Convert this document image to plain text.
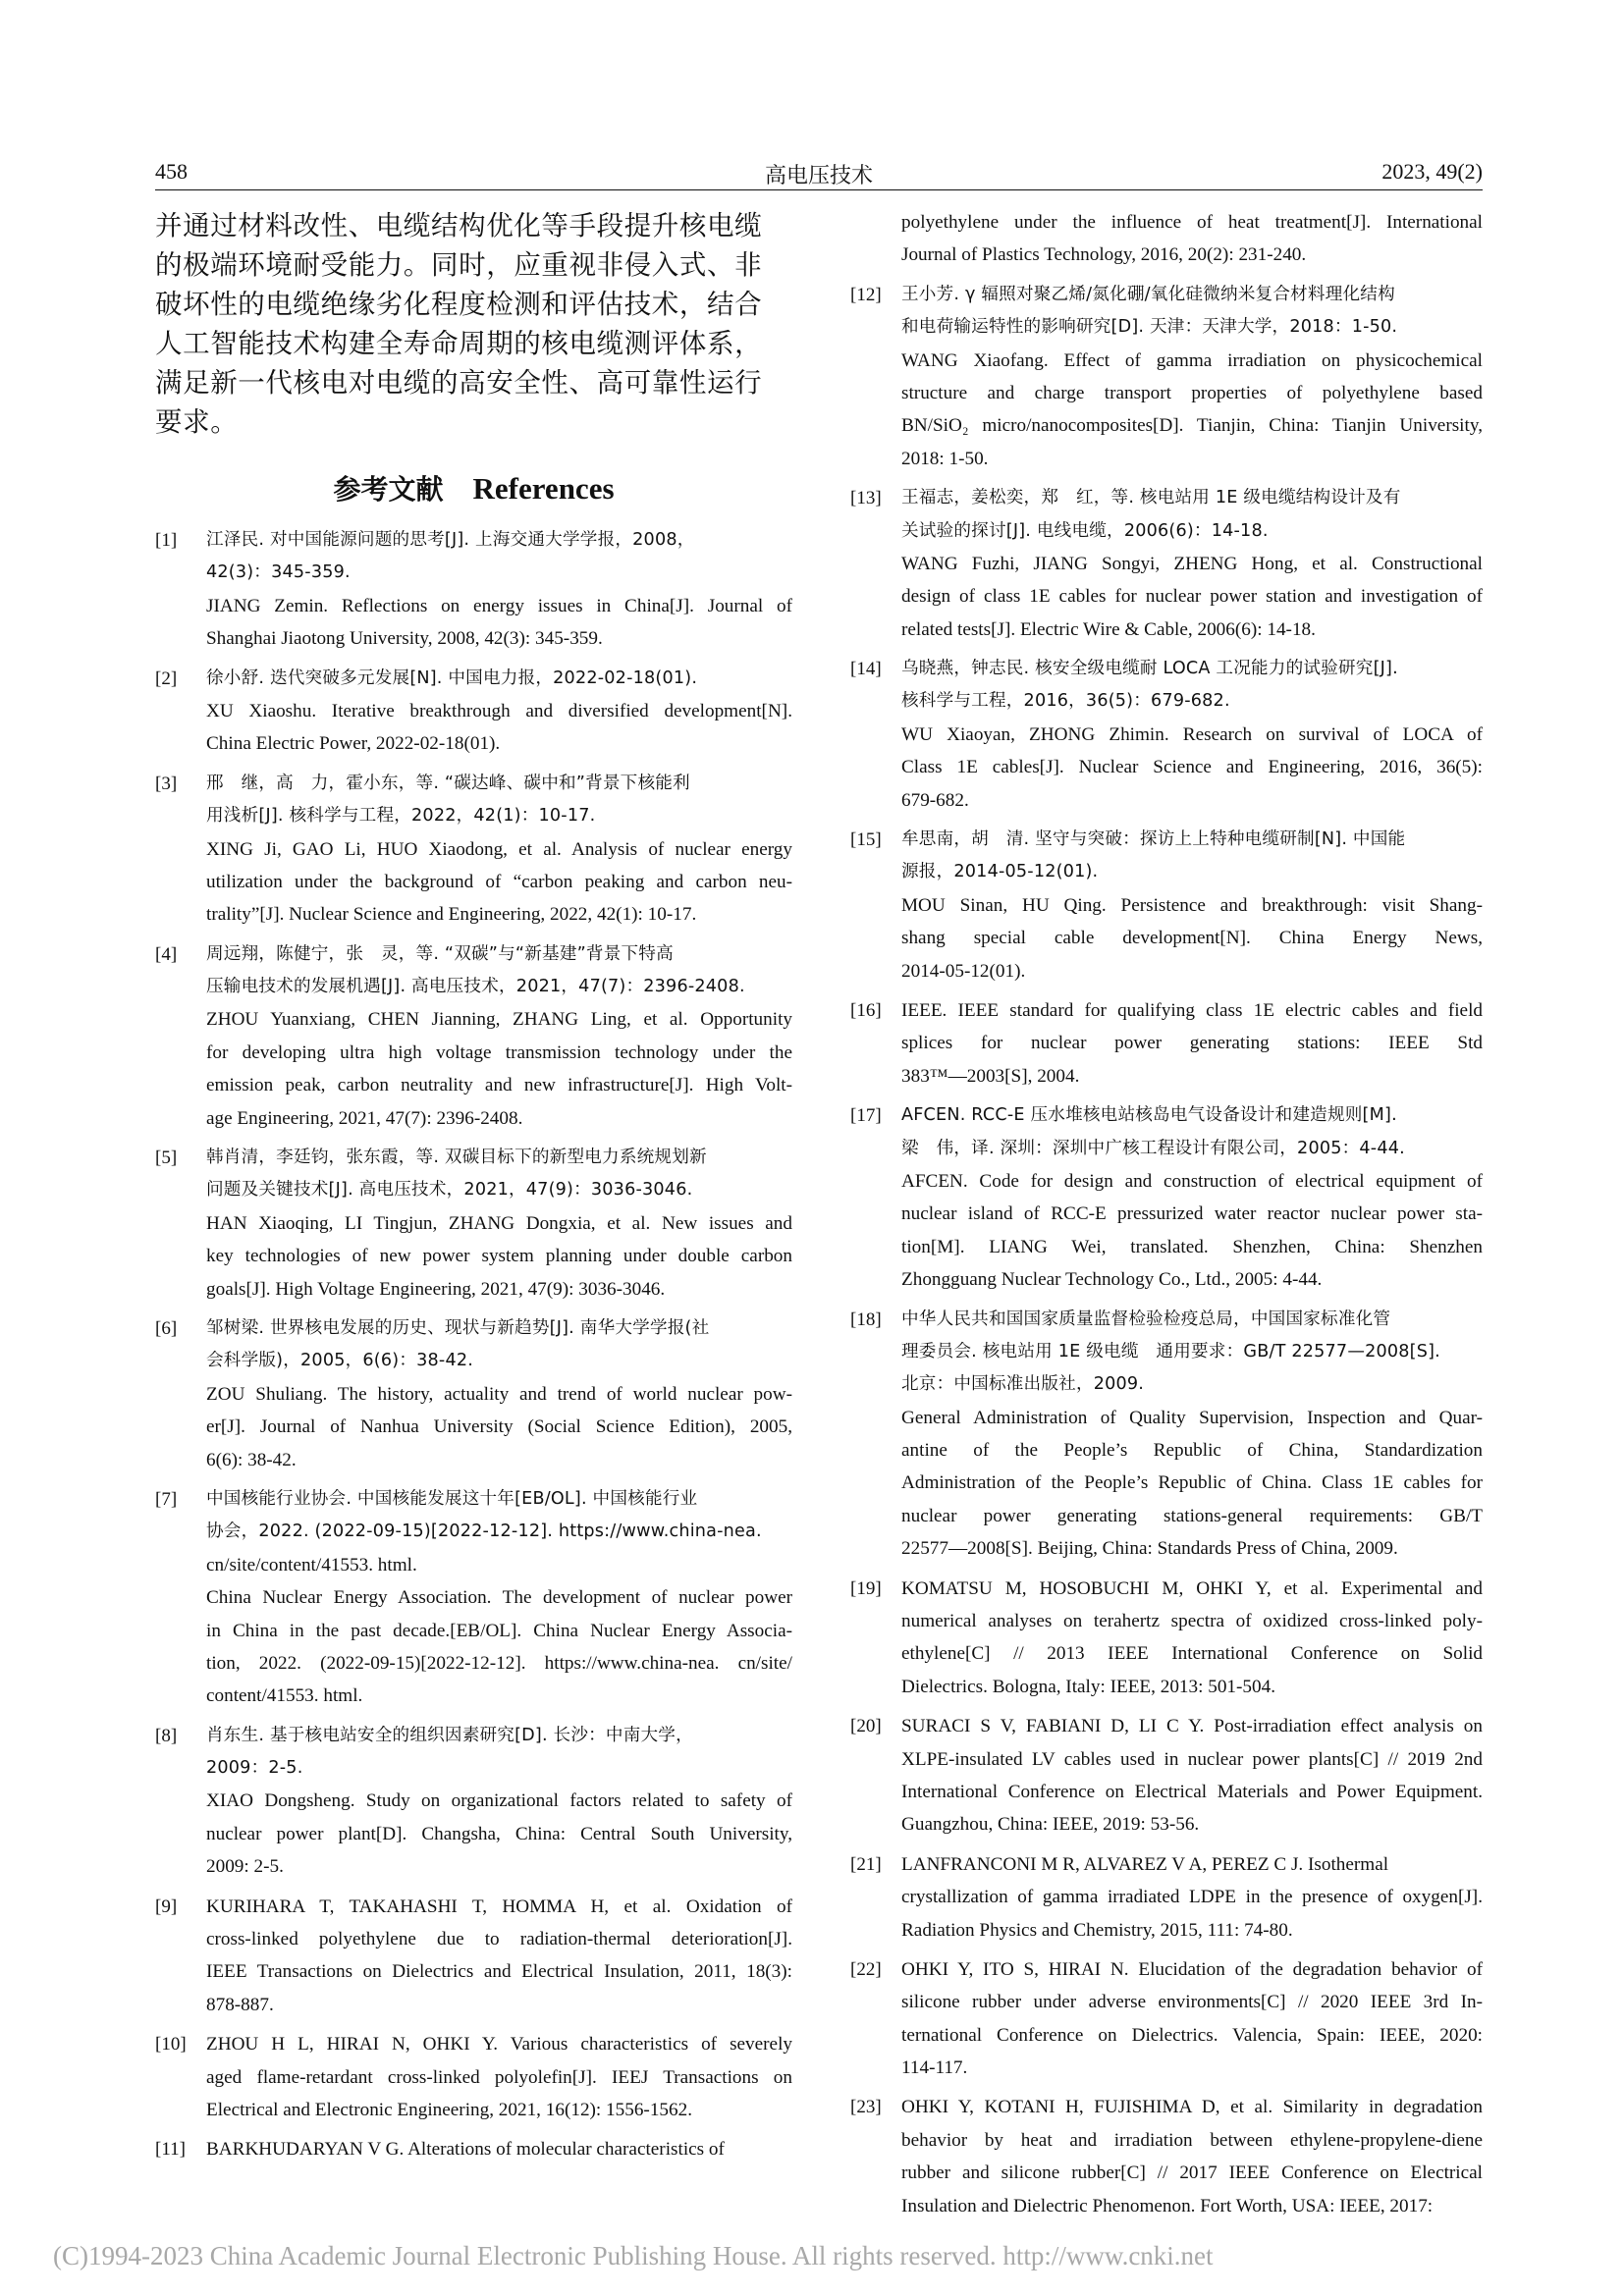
458	高电压技术	2023, 49(2)
并通过材料改性、电缆结构优化等手段提升核电缆
的极端环境耐受能力。同时，应重视非侵入式、非
破坏性的电缆绝缘劣化程度检测和评估技术，结合
人工智能技术构建全寿命周期的核电缆测评体系，
满足新一代核电对电缆的高安全性、高可靠性运行
要求。
参考文献 References
[1] 江泽民. 对中国能源问题的思考[J]. 上海交通大学学报，2008，
42(3)：345-359.
JIANG Zemin. Reflections on energy issues in China[J]. Journal of
Shanghai Jiaotong University, 2008, 42(3): 345-359.
[2] 徐小舒. 迭代突破多元发展[N]. 中国电力报，2022-02-18(01).
XU Xiaoshu. Iterative breakthrough and diversified development[N].
China Electric Power, 2022-02-18(01).
[3] 邢　继，高　力，霍小东，等. “碳达峰、碳中和”背景下核能利
用浅析[J]. 核科学与工程，2022，42(1)：10-17.
XING Ji, GAO Li, HUO Xiaodong, et al. Analysis of nuclear energy
utilization under the background of “carbon peaking and carbon neu-
trality”[J]. Nuclear Science and Engineering, 2022, 42(1): 10-17.
[4] 周远翔，陈健宁，张　灵，等. “双碳”与“新基建”背景下特高
压输电技术的发展机遇[J]. 高电压技术，2021，47(7)：2396-2408.
ZHOU Yuanxiang, CHEN Jianning, ZHANG Ling, et al. Opportunity
for developing ultra high voltage transmission technology under the
emission peak, carbon neutrality and new infrastructure[J]. High Volt-
age Engineering, 2021, 47(7): 2396-2408.
[5] 韩肖清，李廷钧，张东霞，等. 双碳目标下的新型电力系统规划新
问题及关键技术[J]. 高电压技术，2021，47(9)：3036-3046.
HAN Xiaoqing, LI Tingjun, ZHANG Dongxia, et al. New issues and
key technologies of new power system planning under double carbon
goals[J]. High Voltage Engineering, 2021, 47(9): 3036-3046.
[6] 邹树梁. 世界核电发展的历史、现状与新趋势[J]. 南华大学学报(社
会科学版)，2005，6(6)：38-42.
ZOU Shuliang. The history, actuality and trend of world nuclear pow-
er[J]. Journal of Nanhua University (Social Science Edition), 2005,
6(6): 38-42.
[7] 中国核能行业协会. 中国核能发展这十年[EB/OL]. 中国核能行业
协会，2022. (2022-09-15)[2022-12-12]. https://www.china-nea.
cn/site/content/41553. html.
China Nuclear Energy Association. The development of nuclear power
in China in the past decade.[EB/OL]. China Nuclear Energy Associa-
tion, 2022. (2022-09-15)[2022-12-12]. https://www.china-nea. cn/site/
content/41553. html.
[8] 肖东生. 基于核电站安全的组织因素研究[D]. 长沙：中南大学，
2009：2-5.
XIAO Dongsheng. Study on organizational factors related to safety of
nuclear power plant[D]. Changsha, China: Central South University,
2009: 2-5.
[9] KURIHARA T, TAKAHASHI T, HOMMA H, et al. Oxidation of
cross-linked polyethylene due to radiation-thermal deterioration[J].
IEEE Transactions on Dielectrics and Electrical Insulation, 2011, 18(3):
878-887.
[10] ZHOU H L, HIRAI N, OHKI Y. Various characteristics of severely
aged flame-retardant cross-linked polyolefin[J]. IEEJ Transactions on
Electrical and Electronic Engineering, 2021, 16(12): 1556-1562.
[11] BARKHUDARYAN V G. Alterations of molecular characteristics of
polyethylene under the influence of heat treatment[J]. International
Journal of Plastics Technology, 2016, 20(2): 231-240.
[12] 王小芳. γ 辐照对聚乙烯/氮化硼/氧化硅微纳米复合材料理化结构
和电荷输运特性的影响研究[D]. 天津：天津大学，2018：1-50.
WANG Xiaofang. Effect of gamma irradiation on physicochemical
structure and charge transport properties of polyethylene based
BN/SiO₂ micro/nanocomposites[D]. Tianjin, China: Tianjin University,
2018: 1-50.
[13] 王福志，姜松奕，郑　红，等. 核电站用 1E 级电缆结构设计及有
关试验的探讨[J]. 电线电缆，2006(6)：14-18.
WANG Fuzhi, JIANG Songyi, ZHENG Hong, et al. Constructional
design of class 1E cables for nuclear power station and investigation of
related tests[J]. Electric Wire & Cable, 2006(6): 14-18.
[14] 乌晓燕，钟志民. 核安全级电缆耐 LOCA 工况能力的试验研究[J].
核科学与工程，2016，36(5)：679-682.
WU Xiaoyan, ZHONG Zhimin. Research on survival of LOCA of
Class 1E cables[J]. Nuclear Science and Engineering, 2016, 36(5):
679-682.
[15] 牟思南，胡　清. 坚守与突破：探访上上特种电缆研制[N]. 中国能
源报，2014-05-12(01).
MOU Sinan, HU Qing. Persistence and breakthrough: visit Shang-
shang special cable development[N]. China Energy News,
2014-05-12(01).
[16] IEEE. IEEE standard for qualifying class 1E electric cables and field
splices for nuclear power generating stations: IEEE Std
383™—2003[S], 2004.
[17] AFCEN. RCC-E 压水堆核电站核岛电气设备设计和建造规则[M].
梁　伟，译. 深圳：深圳中广核工程设计有限公司，2005：4-44.
AFCEN. Code for design and construction of electrical equipment of
nuclear island of RCC-E pressurized water reactor nuclear power sta-
tion[M]. LIANG Wei, translated. Shenzhen, China: Shenzhen
Zhongguang Nuclear Technology Co., Ltd., 2005: 4-44.
[18] 中华人民共和国国家质量监督检验检疫总局，中国国家标准化管
理委员会. 核电站用 1E 级电缆　通用要求：GB/T 22577—2008[S].
北京：中国标准出版社，2009.
General Administration of Quality Supervision, Inspection and Quar-
antine of the People’s Republic of China, Standardization
Administration of the People’s Republic of China. Class 1E cables for
nuclear power generating stations-general requirements: GB/T
22577—2008[S]. Beijing, China: Standards Press of China, 2009.
[19] KOMATSU M, HOSOBUCHI M, OHKI Y, et al. Experimental and
numerical analyses on terahertz spectra of oxidized cross-linked poly-
ethylene[C] // 2013 IEEE International Conference on Solid
Dielectrics. Bologna, Italy: IEEE, 2013: 501-504.
[20] SURACI S V, FABIANI D, LI C Y. Post-irradiation effect analysis on
XLPE-insulated LV cables used in nuclear power plants[C] // 2019 2nd
International Conference on Electrical Materials and Power Equipment.
Guangzhou, China: IEEE, 2019: 53-56.
[21] LANFRANCONI M R, ALVAREZ V A, PEREZ C J. Isothermal
crystallization of gamma irradiated LDPE in the presence of oxygen[J].
Radiation Physics and Chemistry, 2015, 111: 74-80.
[22] OHKI Y, ITO S, HIRAI N. Elucidation of the degradation behavior of
silicone rubber under adverse environments[C] // 2020 IEEE 3rd In-
ternational Conference on Dielectrics. Valencia, Spain: IEEE, 2020:
114-117.
[23] OHKI Y, KOTANI H, FUJISHIMA D, et al. Similarity in degradation
behavior by heat and irradiation between ethylene-propylene-diene
rubber and silicone rubber[C] // 2017 IEEE Conference on Electrical
Insulation and Dielectric Phenomenon. Fort Worth, USA: IEEE, 2017:
(C)1994-2023 China Academic Journal Electronic Publishing House. All rights reserved. http://www.cnki.net
